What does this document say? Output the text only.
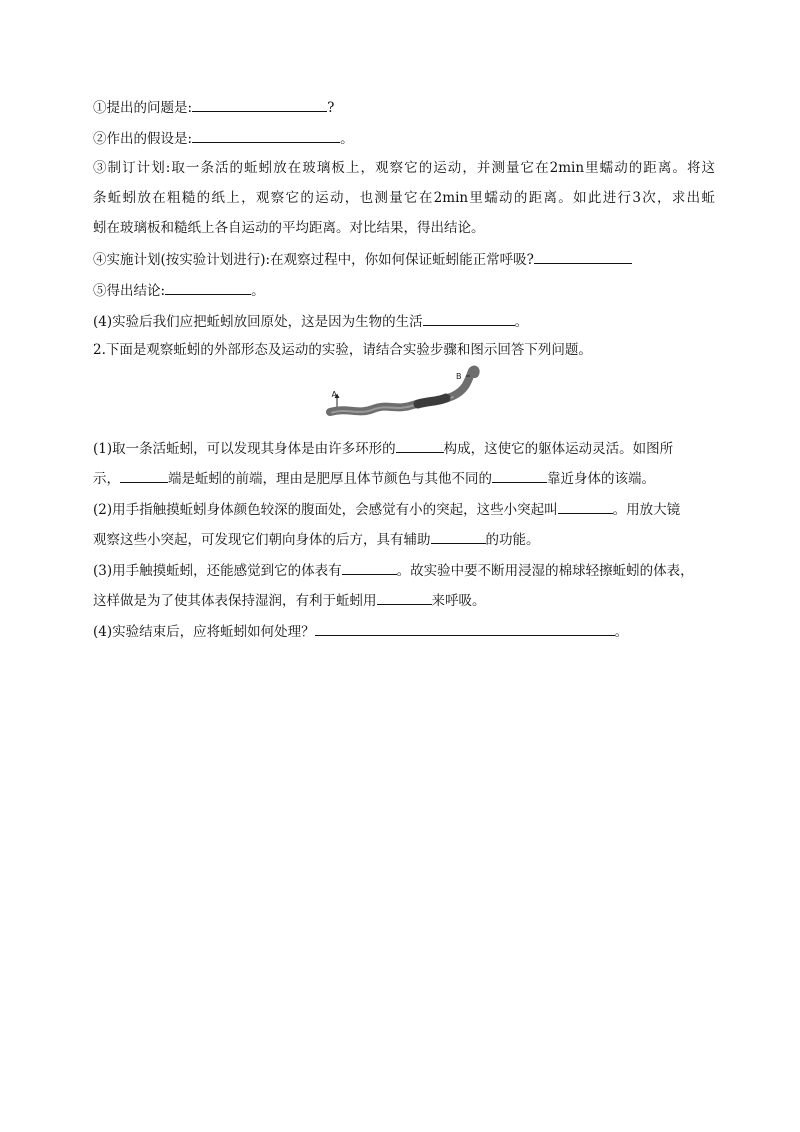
①提出的问题是:	?
②作出的假设是:	。
③制订计划:取一条活的蚯蚓放在玻璃板上，观察它的运动，并测量它在2min里蠕动的距离。将这
条蚯蚓放在粗糙的纸上，观察它的运动，也测量它在2min里蠕动的距离。如此进行3次，求出蚯
蚓在玻璃板和糙纸上各自运动的平均距离。对比结果，得出结论。
④实施计划(按实验计划进行):在观察过程中，你如何保证蚯蚓能正常呼吸?
⑤得出结论:	。
(4)实验后我们应把蚯蚓放回原处，这是因为生物的生活	。
2.下面是观察蚯蚓的外部形态及运动的实验，请结合实验步骤和图示回答下列问题。
A
B
(1)取一条活蚯蚓，可以发现其身体是由许多环形的	构成，这使它的躯体运动灵活。如图所
示，	端是蚯蚓的前端，理由是肥厚且体节颜色与其他不同的	靠近身体的该端。
(2)用手指触摸蚯蚓身体颜色较深的腹面处，会感觉有小的突起，这些小突起叫	。用放大镜
观察这些小突起，可发现它们朝向身体的后方，具有辅助	的功能。
(3)用手触摸蚯蚓，还能感觉到它的体表有	。故实验中要不断用浸湿的棉球轻擦蚯蚓的体表，
这样做是为了使其体表保持湿润，有利于蚯蚓用	来呼吸。
(4)实验结束后，应将蚯蚓如何处理？	。
